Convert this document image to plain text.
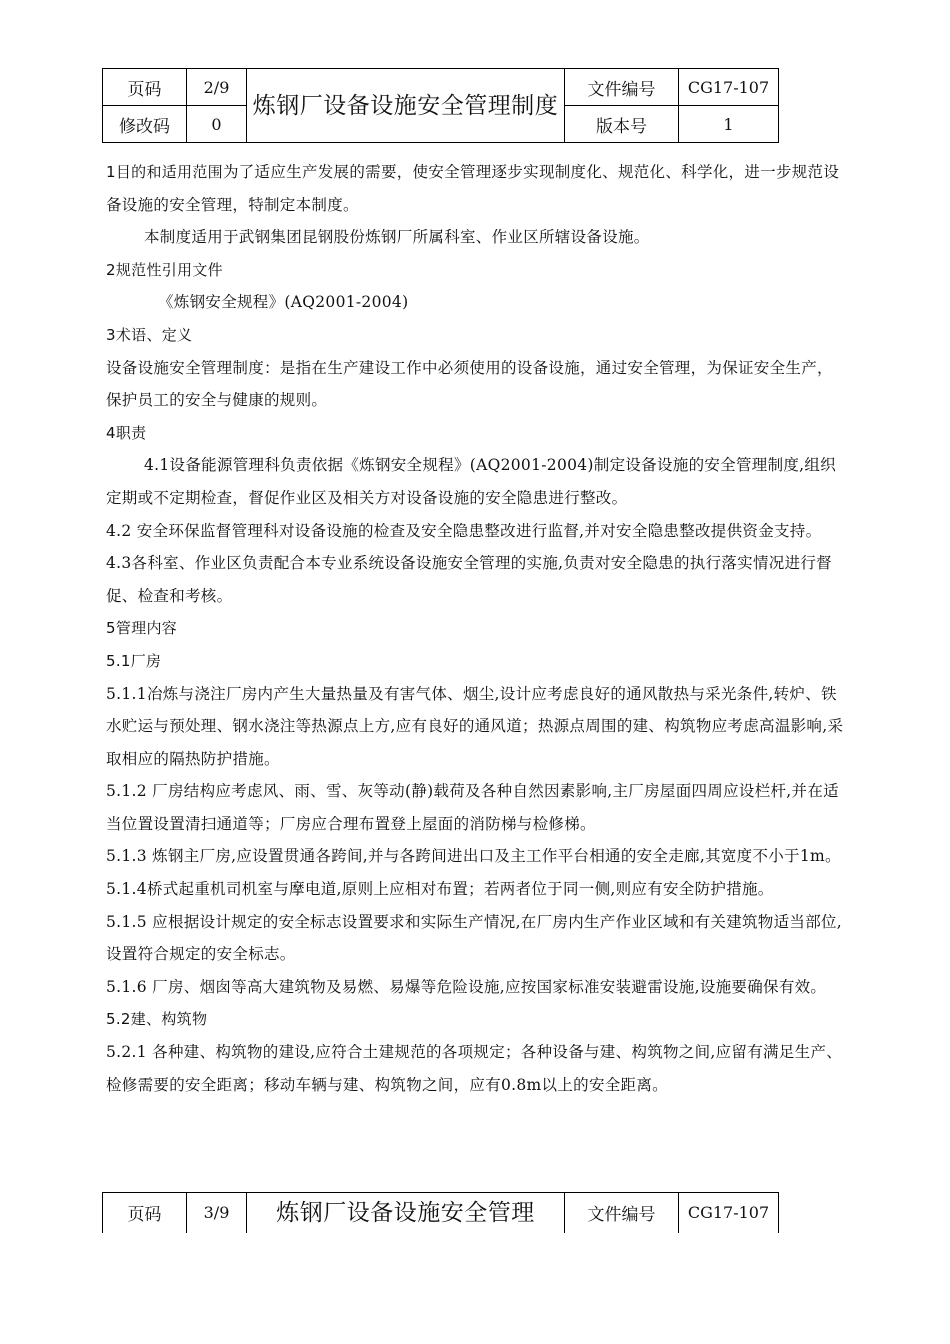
页码	2/9	炼钢厂设备设施安全管理制度	文件编号	CG17-107
修改码	0		版本号	1

1目的和适用范围为了适应生产发展的需要，使安全管理逐步实现制度化、规范化、科学化，进一步规范设备设施的安全管理，特制定本制度。

本制度适用于武钢集团昆钢股份炼钢厂所属科室、作业区所辖设备设施。

2规范性引用文件

《炼钢安全规程》(AQ2001-2004)

3术语、定义

设备设施安全管理制度：是指在生产建设工作中必须使用的设备设施，通过安全管理，为保证安全生产，保护员工的安全与健康的规则。

4职责

4.1设备能源管理科负责依据《炼钢安全规程》(AQ2001-2004)制定设备设施的安全管理制度,组织定期或不定期检查，督促作业区及相关方对设备设施的安全隐患进行整改。

4.2 安全环保监督管理科对设备设施的检查及安全隐患整改进行监督,并对安全隐患整改提供资金支持。

4.3各科室、作业区负责配合本专业系统设备设施安全管理的实施,负责对安全隐患的执行落实情况进行督促、检查和考核。

5管理内容

5.1厂房

5.1.1冶炼与浇注厂房内产生大量热量及有害气体、烟尘,设计应考虑良好的通风散热与采光条件,转炉、铁水贮运与预处理、钢水浇注等热源点上方,应有良好的通风道；热源点周围的建、构筑物应考虑高温影响,采取相应的隔热防护措施。

5.1.2 厂房结构应考虑风、雨、雪、灰等动(静)载荷及各种自然因素影响,主厂房屋面四周应设栏杆,并在适当位置设置清扫通道等；厂房应合理布置登上屋面的消防梯与检修梯。

5.1.3 炼钢主厂房,应设置贯通各跨间,并与各跨间进出口及主工作平台相通的安全走廊,其宽度不小于1m。

5.1.4桥式起重机司机室与摩电道,原则上应相对布置；若两者位于同一侧,则应有安全防护措施。

5.1.5 应根据设计规定的安全标志设置要求和实际生产情况,在厂房内生产作业区域和有关建筑物适当部位,设置符合规定的安全标志。

5.1.6 厂房、烟囱等高大建筑物及易燃、易爆等危险设施,应按国家标准安装避雷设施,设施要确保有效。

5.2建、构筑物

5.2.1 各种建、构筑物的建设,应符合土建规范的各项规定；各种设备与建、构筑物之间,应留有满足生产、检修需要的安全距离；移动车辆与建、构筑物之间，应有0.8m以上的安全距离。

页码	3/9	炼钢厂设备设施安全管理	文件编号	CG17-107
